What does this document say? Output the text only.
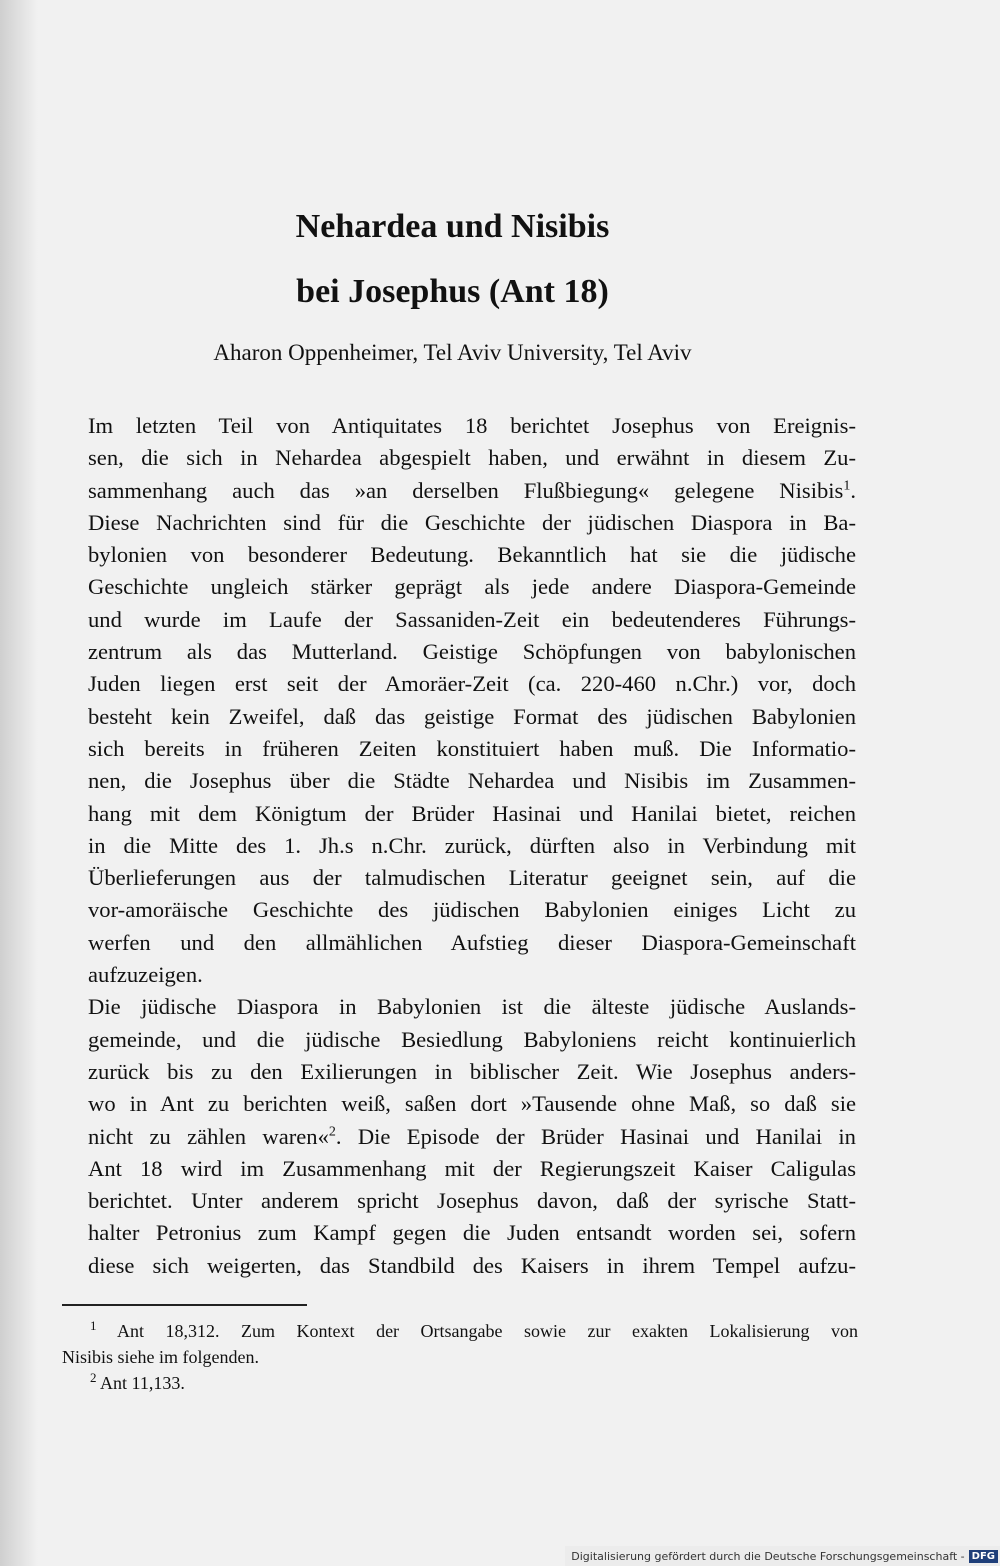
Nehardea und Nisibis
bei Josephus (Ant 18)

Aharon Oppenheimer, Tel Aviv University, Tel Aviv

Im letzten Teil von Antiquitates 18 berichtet Josephus von Ereignis-
sen, die sich in Nehardea abgespielt haben, und erwähnt in diesem Zu-
sammenhang auch das »an derselben Flußbiegung« gelegene Nisibis$^1$.
Diese Nachrichten sind für die Geschichte der jüdischen Diaspora in Ba-
bylonien von besonderer Bedeutung. Bekanntlich hat sie die jüdische
Geschichte ungleich stärker geprägt als jede andere Diaspora-Gemeinde
und wurde im Laufe der Sassaniden-Zeit ein bedeutenderes Führungs-
zentrum als das Mutterland. Geistige Schöpfungen von babylonischen
Juden liegen erst seit der Amoräer-Zeit (ca. 220-460 n.Chr.) vor, doch
besteht kein Zweifel, daß das geistige Format des jüdischen Babylonien
sich bereits in früheren Zeiten konstituiert haben muß. Die Informatio-
nen, die Josephus über die Städte Nehardea und Nisibis im Zusammen-
hang mit dem Königtum der Brüder Hasinai und Hanilai bietet, reichen
in die Mitte des 1. Jh.s n.Chr. zurück, dürften also in Verbindung mit
Überlieferungen aus der talmudischen Literatur geeignet sein, auf die
vor-amoräische Geschichte des jüdischen Babylonien einiges Licht zu
werfen und den allmählichen Aufstieg dieser Diaspora-Gemeinschaft
aufzuzeigen.
Die jüdische Diaspora in Babylonien ist die älteste jüdische Auslands-
gemeinde, und die jüdische Besiedlung Babyloniens reicht kontinuierlich
zurück bis zu den Exilierungen in biblischer Zeit. Wie Josephus anders-
wo in Ant zu berichten weiß, saßen dort »Tausende ohne Maß, so daß sie
nicht zu zählen waren«$^2$. Die Episode der Brüder Hasinai und Hanilai in
Ant 18 wird im Zusammenhang mit der Regierungszeit Kaiser Caligulas
berichtet. Unter anderem spricht Josephus davon, daß der syrische Statt-
halter Petronius zum Kampf gegen die Juden entsandt worden sei, sofern
diese sich weigerten, das Standbild des Kaisers in ihrem Tempel aufzu-
$^1$ Ant 18,312. Zum Kontext der Ortsangabe sowie zur exakten Lokalisierung von
Nisibis siehe im folgenden.
$^2$ Ant 11,133.
Digitalisierung gefördert durch die Deutsche Forschungsgemeinschaft - DFG
